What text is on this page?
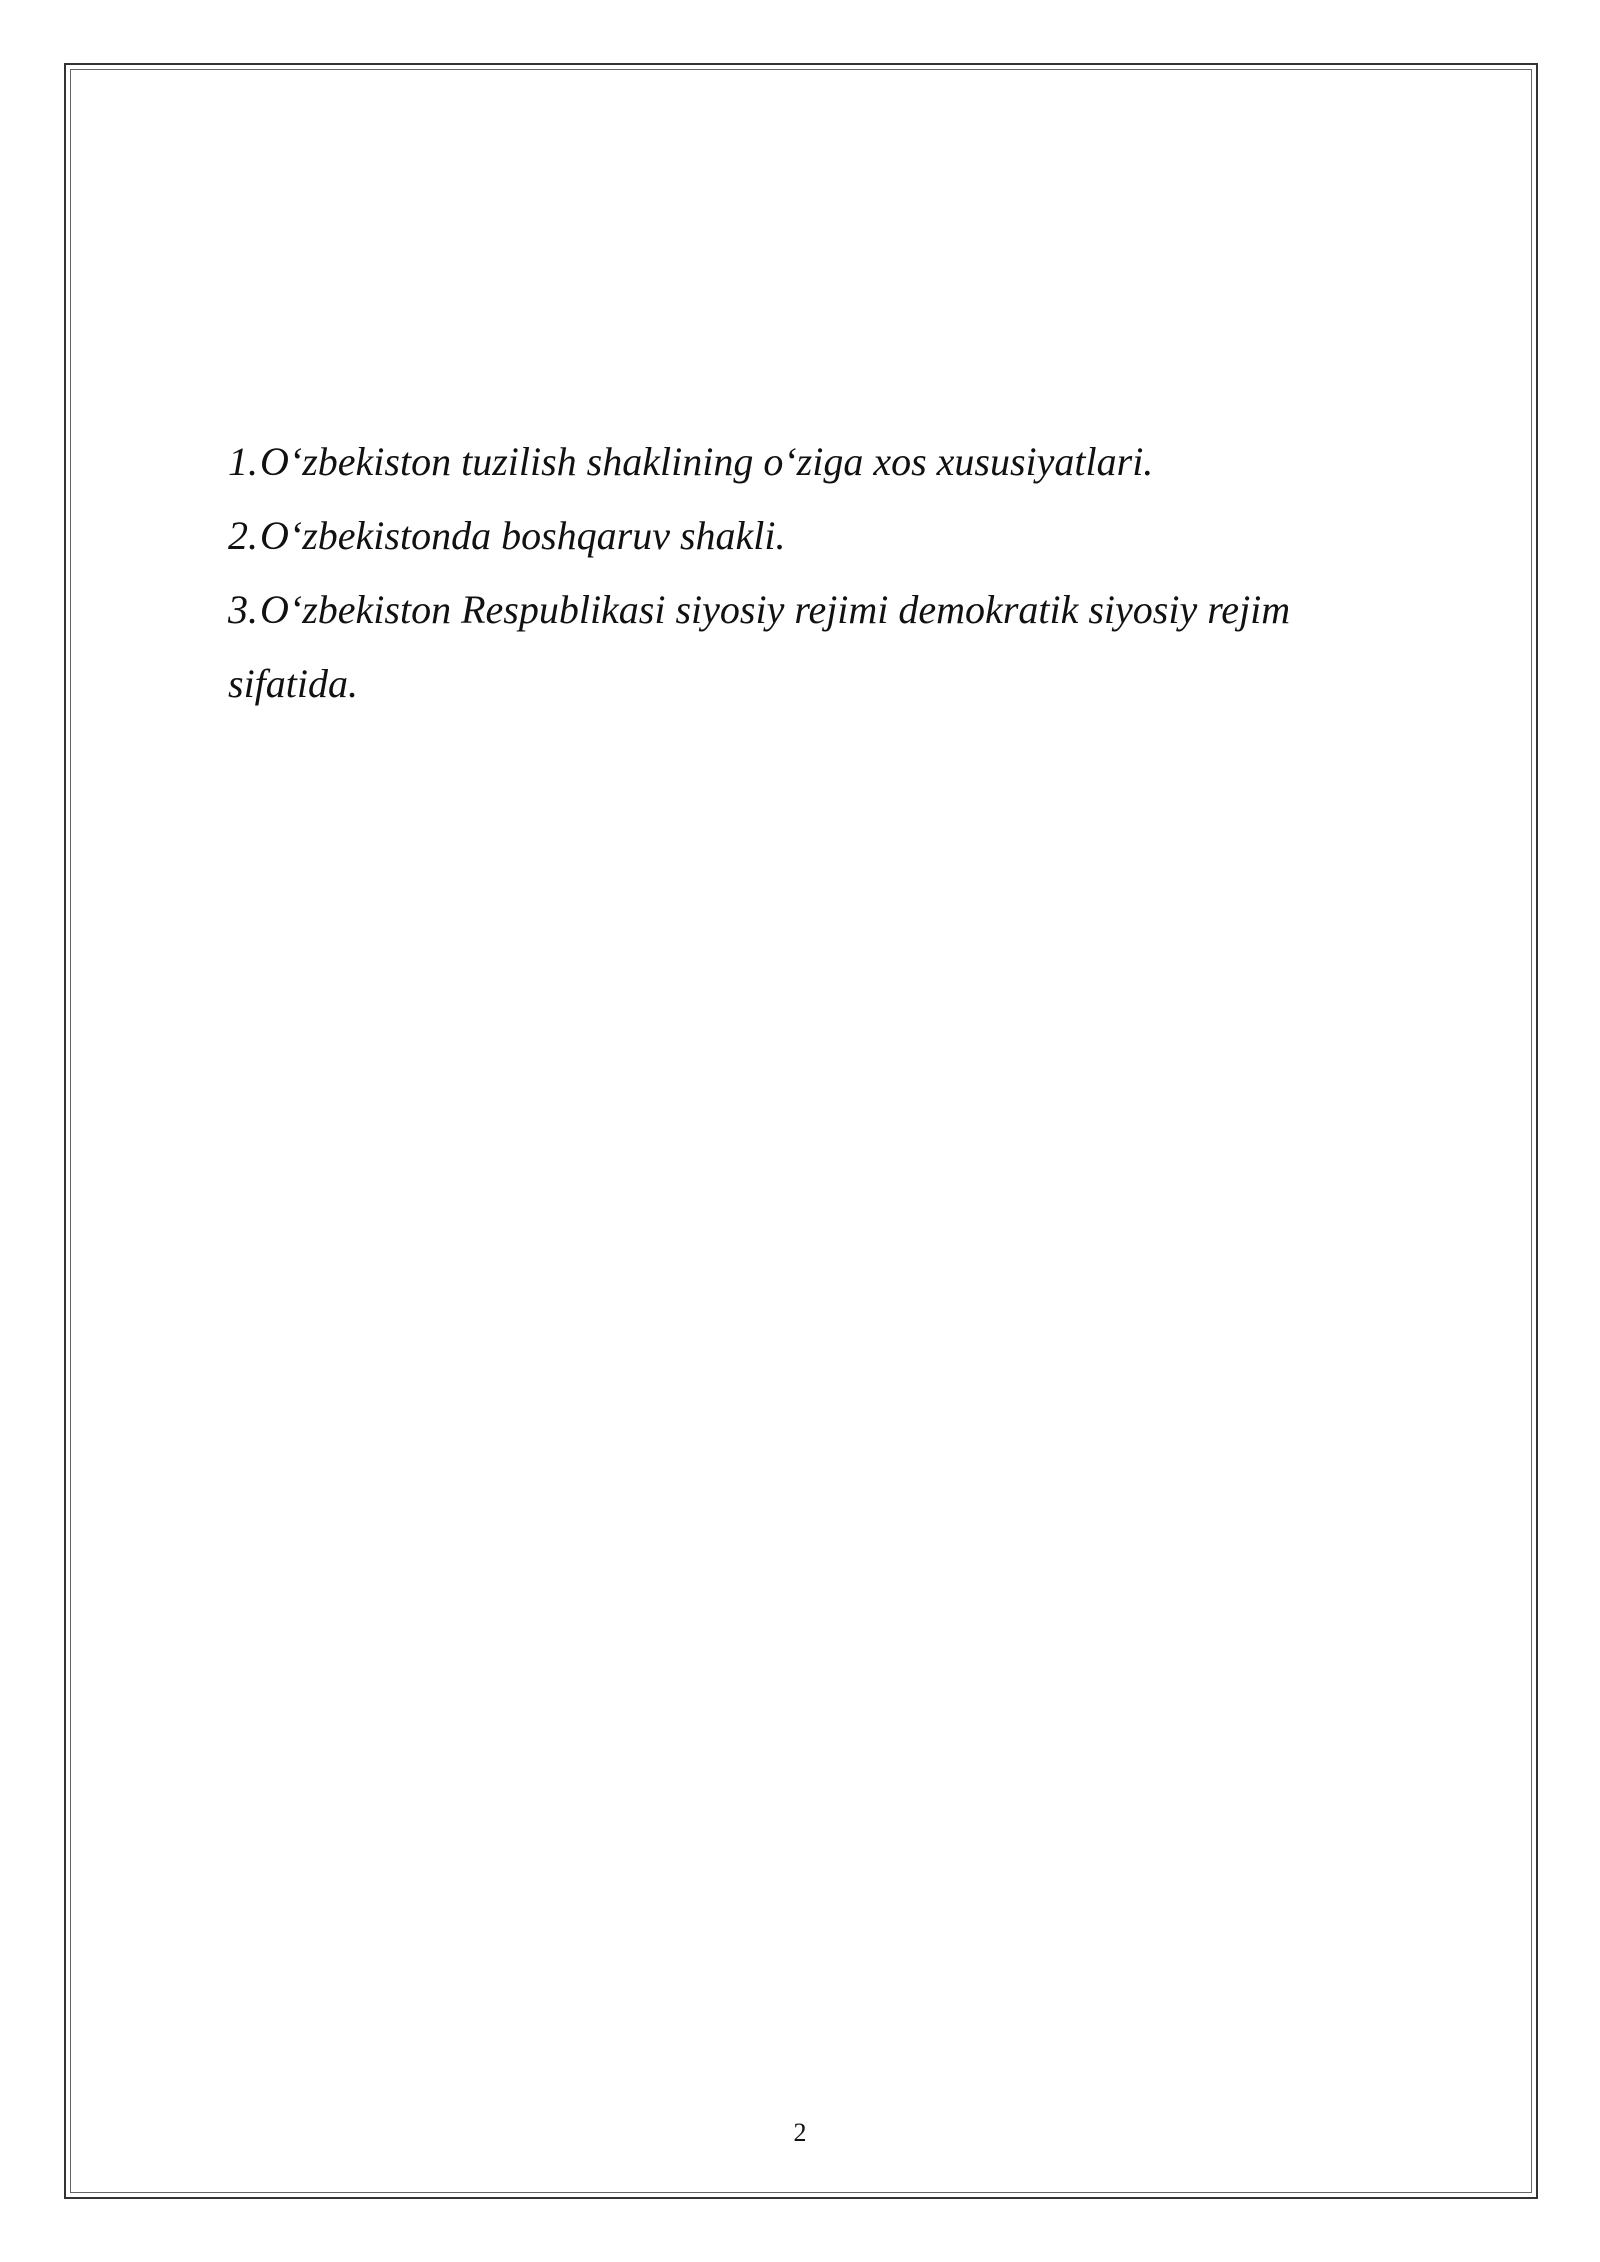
1.O‘zbekiston tuzilish shaklining o‘ziga xos xususiyatlari.
2.O‘zbekistonda boshqaruv shakli.
3.O‘zbekiston Respublikasi siyosiy rejimi demokratik siyosiy rejim sifatida.
2
